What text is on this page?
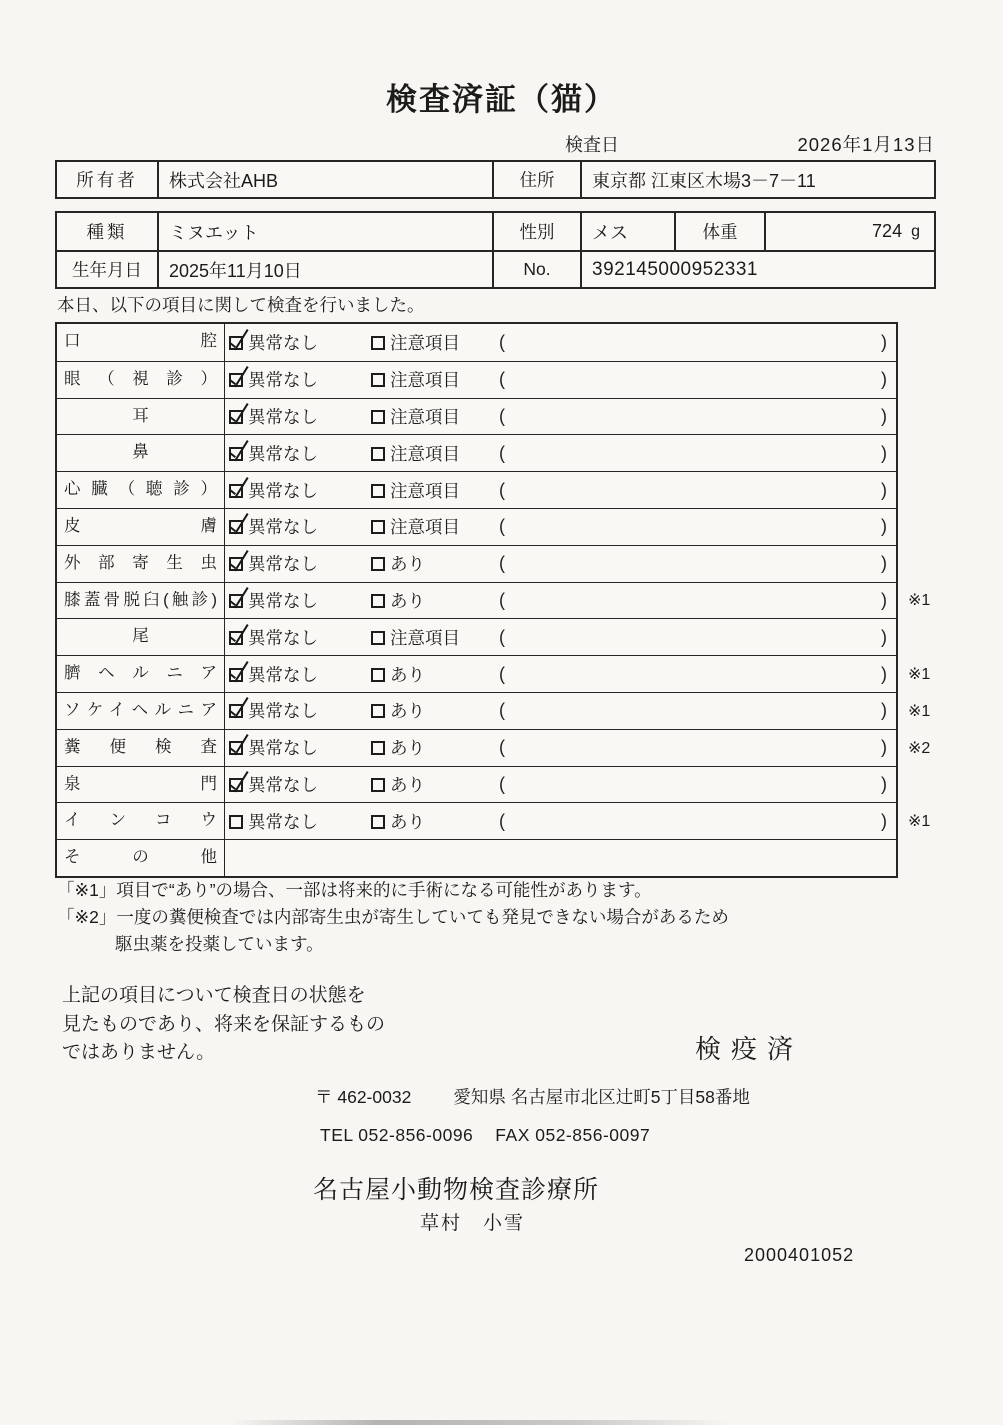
検査済証（猫）
検査日	2026年1月13日
所有者	株式会社AHB	住所	東京都 江東区木場3－7－11
種類	ミヌエット	性別	メス	体重	724 g
生年月日	2025年11月10日	No.	392145000952331
本日、以下の項目に関して検査を行いました。
口腔	異常なし	注意項目 (	)
眼（視診）	異常なし	注意項目 (	)
耳	異常なし	注意項目 (	)
鼻	異常なし	注意項目 (	)
心臓（聴診）	異常なし	注意項目 (	)
皮膚	異常なし	注意項目 (	)
外部寄生虫	異常なし	あり	(	)
膝蓋骨脱臼(触診)	異常なし	あり	(	) ※1
尾	異常なし	注意項目 (	)
臍ヘルニア	異常なし	あり	(	) ※1
ソケイヘルニア	異常なし	あり	(	) ※1
糞便検査	異常なし	あり	(	) ※2
泉門	異常なし	あり	(	)
インコウ	異常なし	あり	(	) ※1
その他
「※1」項目で“あり”の場合、一部は将来的に手術になる可能性があります。
「※2」一度の糞便検査では内部寄生虫が寄生していても発見できない場合があるため
駆虫薬を投薬しています。
上記の項目について検査日の状態を
見たものであり、将来を保証するもの
ではありません。	検疫済
〒 462-0032 愛知県 名古屋市北区辻町5丁目58番地
TEL 052-856-0096 FAX 052-856-0097
名古屋小動物検査診療所
草村　小雪
2000401052
